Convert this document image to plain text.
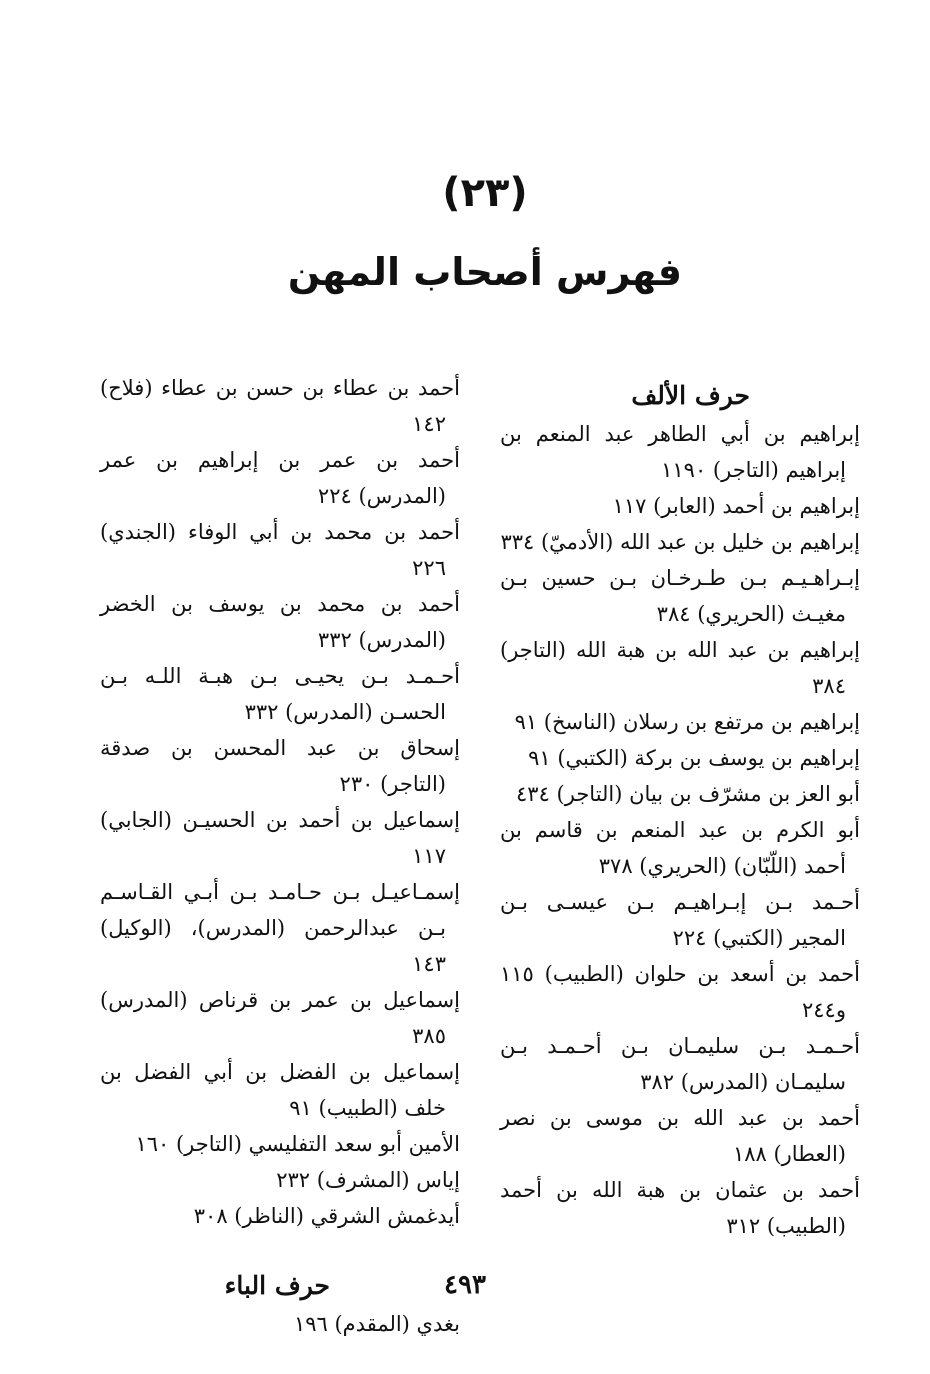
(٢٣)
فهرس أصحاب المهن
حرف الألف
إبراهيم بن أبي الطاهر عبد المنعم بن إبراهيم (التاجر) ١١٩٠
إبراهيم بن أحمد (العابر) ١١٧
إبراهيم بن خليل بن عبد الله (الأدميّ) ٣٣٤
إبـراهـيـم بـن طـرخـان بـن حسين بـن مغيـث (الحريري) ٣٨٤
إبراهيم بن عبد الله بن هبة الله (التاجر) ٣٨٤
إبراهيم بن مرتفع بن رسلان (الناسخ) ٩١
إبراهيم بن يوسف بن بركة (الكتبي) ٩١
أبو العز بن مشرّف بن بيان (التاجر) ٤٣٤
أبو الكرم بن عبد المنعم بن قاسم بن أحمد (اللّبّان) (الحريري) ٣٧٨
أحـمد بـن إبـراهيـم بـن عيسـى بـن المجير (الكتبي) ٢٢٤
أحمد بن أسعد بن حلوان (الطبيب) ١١٥ و٢٤٤
أحـمـد بـن سليمـان بـن أحـمـد بـن سليمـان (المدرس) ٣٨٢
أحمد بن عبد الله بن موسى بن نصر (العطار) ١٨٨
أحمد بن عثمان بن هبة الله بن أحمد (الطبيب) ٣١٢
أحمد بن عطاء بن حسن بن عطاء (فلاح) ١٤٢
أحمد بن عمر بن إبراهيم بن عمر (المدرس) ٢٢٤
أحمد بن محمد بن أبي الوفاء (الجندي) ٢٢٦
أحمد بن محمد بن يوسف بن الخضر (المدرس) ٣٣٢
أحـمـد بـن يحيـى بـن هبـة اللـه بـن الحسـن (المدرس) ٣٣٢
إسحاق بن عبد المحسن بن صدقة (التاجر) ٢٣٠
إسماعيل بن أحمد بن الحسيـن (الجابي) ١١٧
إسمـاعيـل بـن حـامـد بـن أبـي القـاسـم بـن عبدالرحمن (المدرس)، (الوكيل) ١٤٣
إسماعيل بن عمر بن قرناص (المدرس) ٣٨٥
إسماعيل بن الفضل بن أبي الفضل بن خلف (الطبيب) ٩١
الأمين أبو سعد التفليسي (التاجر) ١٦٠
إياس (المشرف) ٢٣٢
أيدغمش الشرقي (الناظر) ٣٠٨
حرف الباء
بغدي (المقدم) ١٩٦
٤٩٣
